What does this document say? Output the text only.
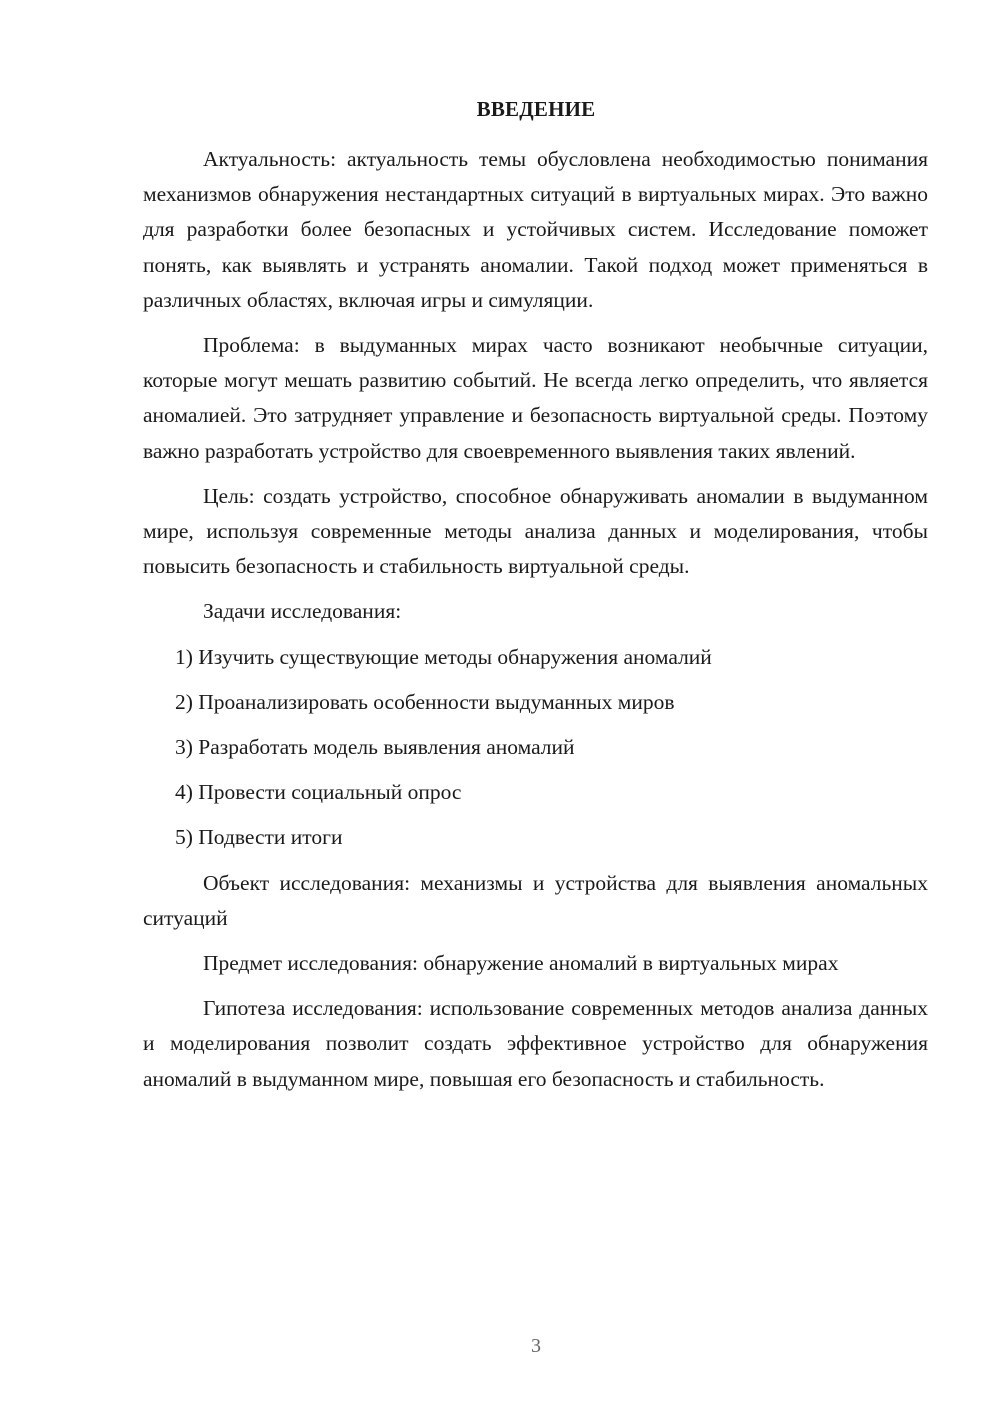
ВВЕДЕНИЕ

Актуальность: актуальность темы обусловлена необходимостью понимания механизмов обнаружения нестандартных ситуаций в виртуальных мирах. Это важно для разработки более безопасных и устойчивых систем. Исследование поможет понять, как выявлять и устранять аномалии. Такой подход может применяться в различных областях, включая игры и симуляции.

Проблема: в выдуманных мирах часто возникают необычные ситуации, которые могут мешать развитию событий. Не всегда легко определить, что является аномалией. Это затрудняет управление и безопасность виртуальной среды. Поэтому важно разработать устройство для своевременного выявления таких явлений.

Цель: создать устройство, способное обнаруживать аномалии в выдуманном мире, используя современные методы анализа данных и моделирования, чтобы повысить безопасность и стабильность виртуальной среды.

Задачи исследования:

1) Изучить существующие методы обнаружения аномалий

2) Проанализировать особенности выдуманных миров

3) Разработать модель выявления аномалий

4) Провести социальный опрос

5) Подвести итоги

Объект исследования: механизмы и устройства для выявления аномальных ситуаций

Предмет исследования: обнаружение аномалий в виртуальных мирах

Гипотеза исследования: использование современных методов анализа данных и моделирования позволит создать эффективное устройство для обнаружения аномалий в выдуманном мире, повышая его безопасность и стабильность.

3
